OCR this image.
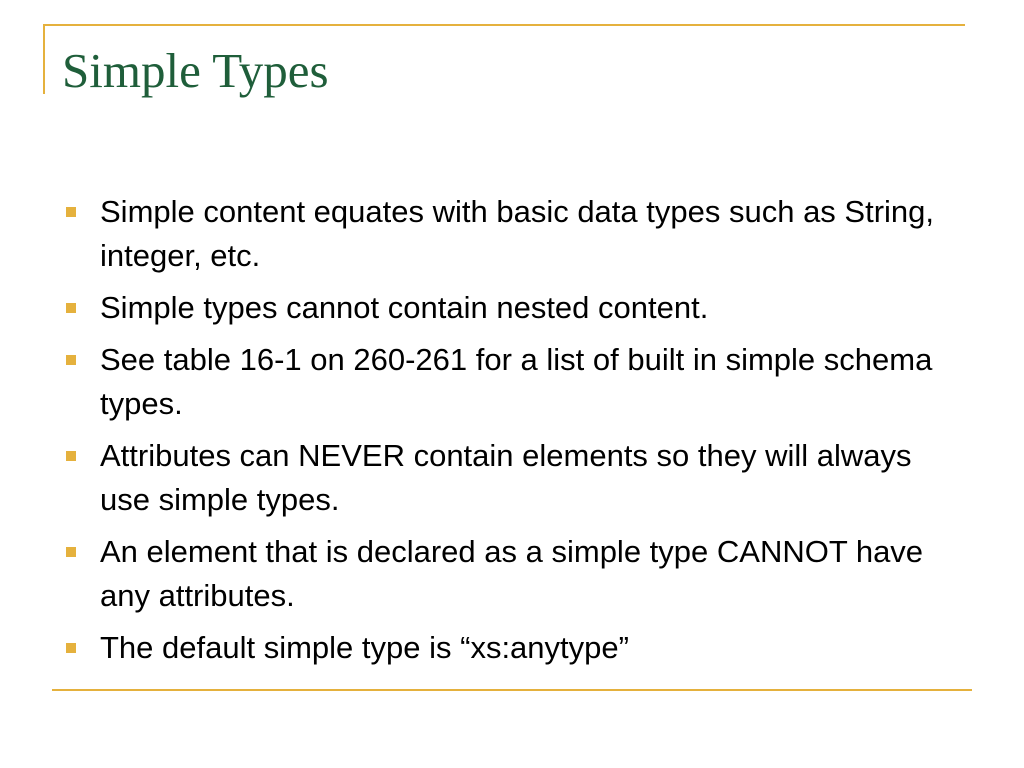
Simple Types
Simple content equates with basic data types such as String, integer, etc.
Simple types cannot contain nested content.
See table 16-1 on 260-261 for a list of built in simple schema types.
Attributes can NEVER contain elements so they will always use simple types.
An element that is declared as a simple type CANNOT have any attributes.
The default simple type is “xs:anytype”
